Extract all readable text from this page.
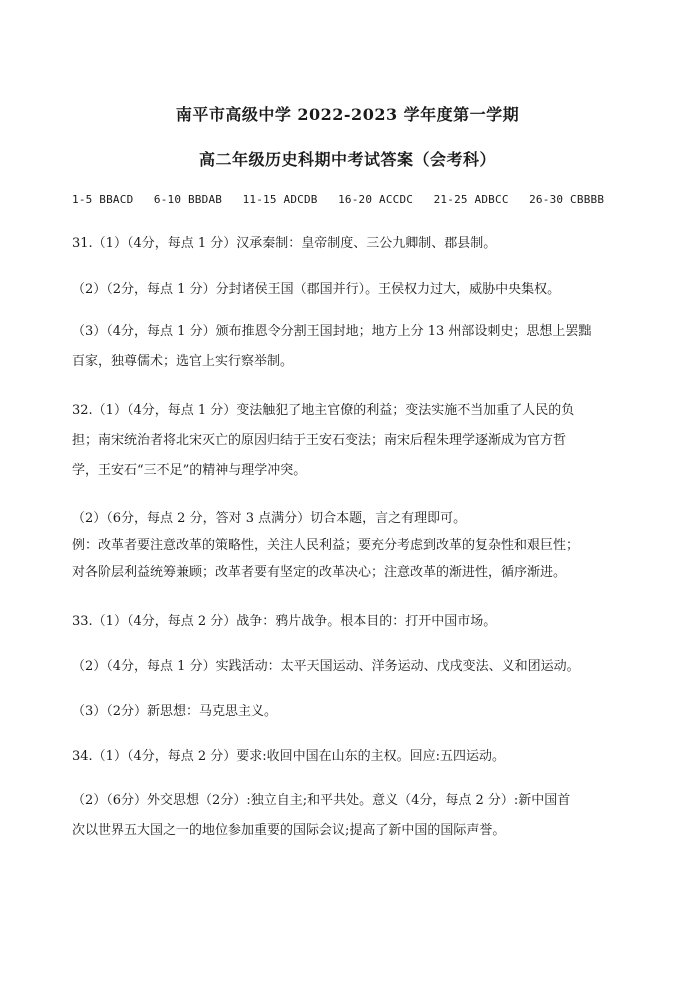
南平市高级中学 2022-2023 学年度第一学期
高二年级历史科期中考试答案（会考科）
1-5 BBACD   6-10 BBDAB   11-15 ADCDB   16-20 ACCDC   21-25 ADBCC   26-30 CBBBB
31.（1）（4分，每点 1 分）汉承秦制：皇帝制度、三公九卿制、郡县制。
（2）（2分，每点 1 分）分封诸侯王国（郡国并行）。王侯权力过大，威胁中央集权。
（3）（4分，每点 1 分）颁布推恩令分割王国封地；地方上分 13 州部设刺史；思想上罢黜
百家，独尊儒术；选官上实行察举制。
32.（1）（4分，每点 1 分）变法触犯了地主官僚的利益；变法实施不当加重了人民的负
担；南宋统治者将北宋灭亡的原因归结于王安石变法；南宋后程朱理学逐渐成为官方哲
学，王安石“三不足”的精神与理学冲突。
（2）（6分，每点 2 分，答对 3 点满分）切合本题，言之有理即可。
例：改革者要注意改革的策略性，关注人民利益；要充分考虑到改革的复杂性和艰巨性；
对各阶层利益统筹兼顾；改革者要有坚定的改革决心；注意改革的渐进性，循序渐进。
33.（1）（4分，每点 2 分）战争：鸦片战争。根本目的：打开中国市场。
（2）（4分，每点 1 分）实践活动：太平天国运动、洋务运动、戊戌变法、义和团运动。
（3）（2分）新思想：马克思主义。
34.（1）（4分，每点 2 分）要求:收回中国在山东的主权。回应:五四运动。
（2）（6分）外交思想（2分）:独立自主;和平共处。意义（4分，每点 2 分）:新中国首
次以世界五大国之一的地位参加重要的国际会议;提高了新中国的国际声誉。
